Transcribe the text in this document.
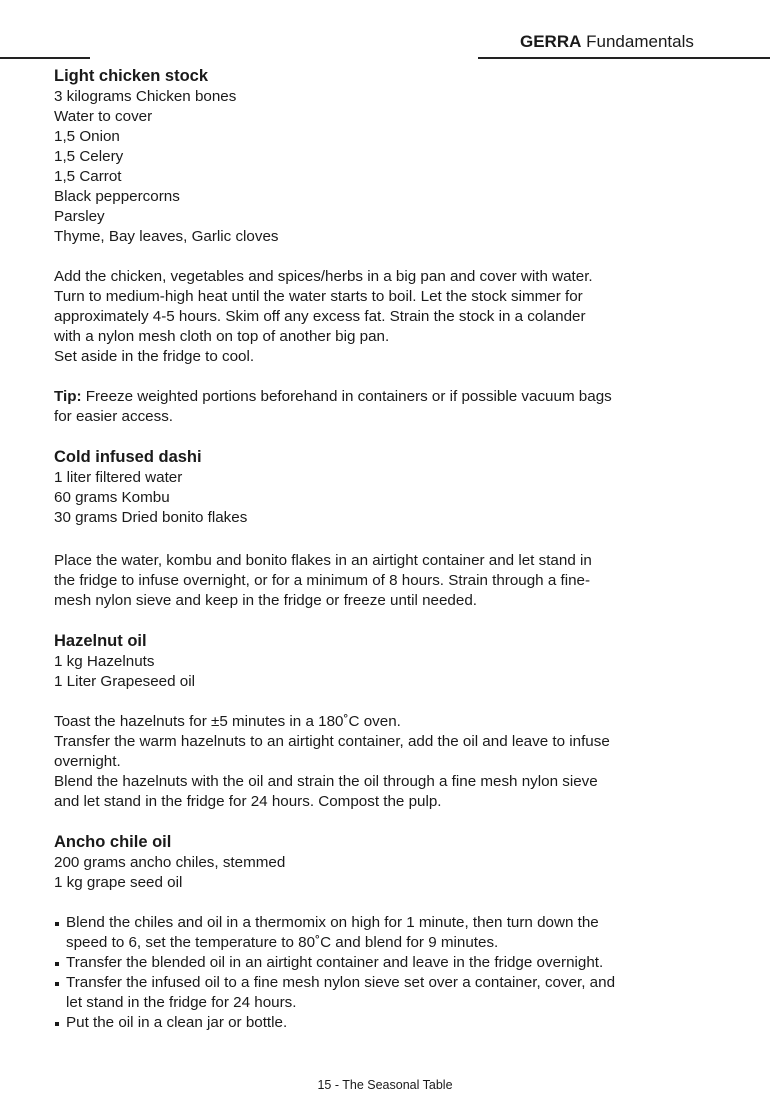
GERRA Fundamentals
Light chicken stock
3 kilograms Chicken bones
Water to cover
1,5 Onion
1,5 Celery
1,5 Carrot
Black peppercorns
Parsley
Thyme, Bay leaves, Garlic cloves
Add the chicken, vegetables and spices/herbs in a big pan and cover with water.
Turn to medium-high heat until the water starts to boil. Let the stock simmer for
approximately 4-5 hours. Skim off any excess fat. Strain the stock in a colander
with a nylon mesh cloth on top of another big pan.
Set aside in the fridge to cool.
Tip: Freeze weighted portions beforehand in containers or if possible vacuum bags
for easier access.
Cold infused dashi
1 liter filtered water
60 grams Kombu
30 grams Dried bonito flakes
Place the water, kombu and bonito flakes in an airtight container and let stand in
the fridge to infuse overnight, or for a minimum of 8 hours. Strain through a fine-
mesh nylon sieve and keep in the fridge or freeze until needed.
Hazelnut oil
1 kg Hazelnuts
1 Liter Grapeseed oil
Toast the hazelnuts for ±5 minutes in a 180˚C oven.
Transfer the warm hazelnuts to an airtight container, add the oil and leave to infuse
overnight.
Blend the hazelnuts with the oil and strain the oil through a fine mesh nylon sieve
and let stand in the fridge for 24 hours. Compost the pulp.
Ancho chile oil
200 grams ancho chiles, stemmed
1 kg grape seed oil
Blend the chiles and oil in a thermomix on high for 1 minute, then turn down the
speed to 6, set the temperature to 80˚C and blend for 9 minutes.
Transfer the blended oil in an airtight container and leave in the fridge overnight.
Transfer the infused oil to a fine mesh nylon sieve set over a container, cover, and
let stand in the fridge for 24 hours.
Put the oil in a clean jar or bottle.
15 - The Seasonal Table
